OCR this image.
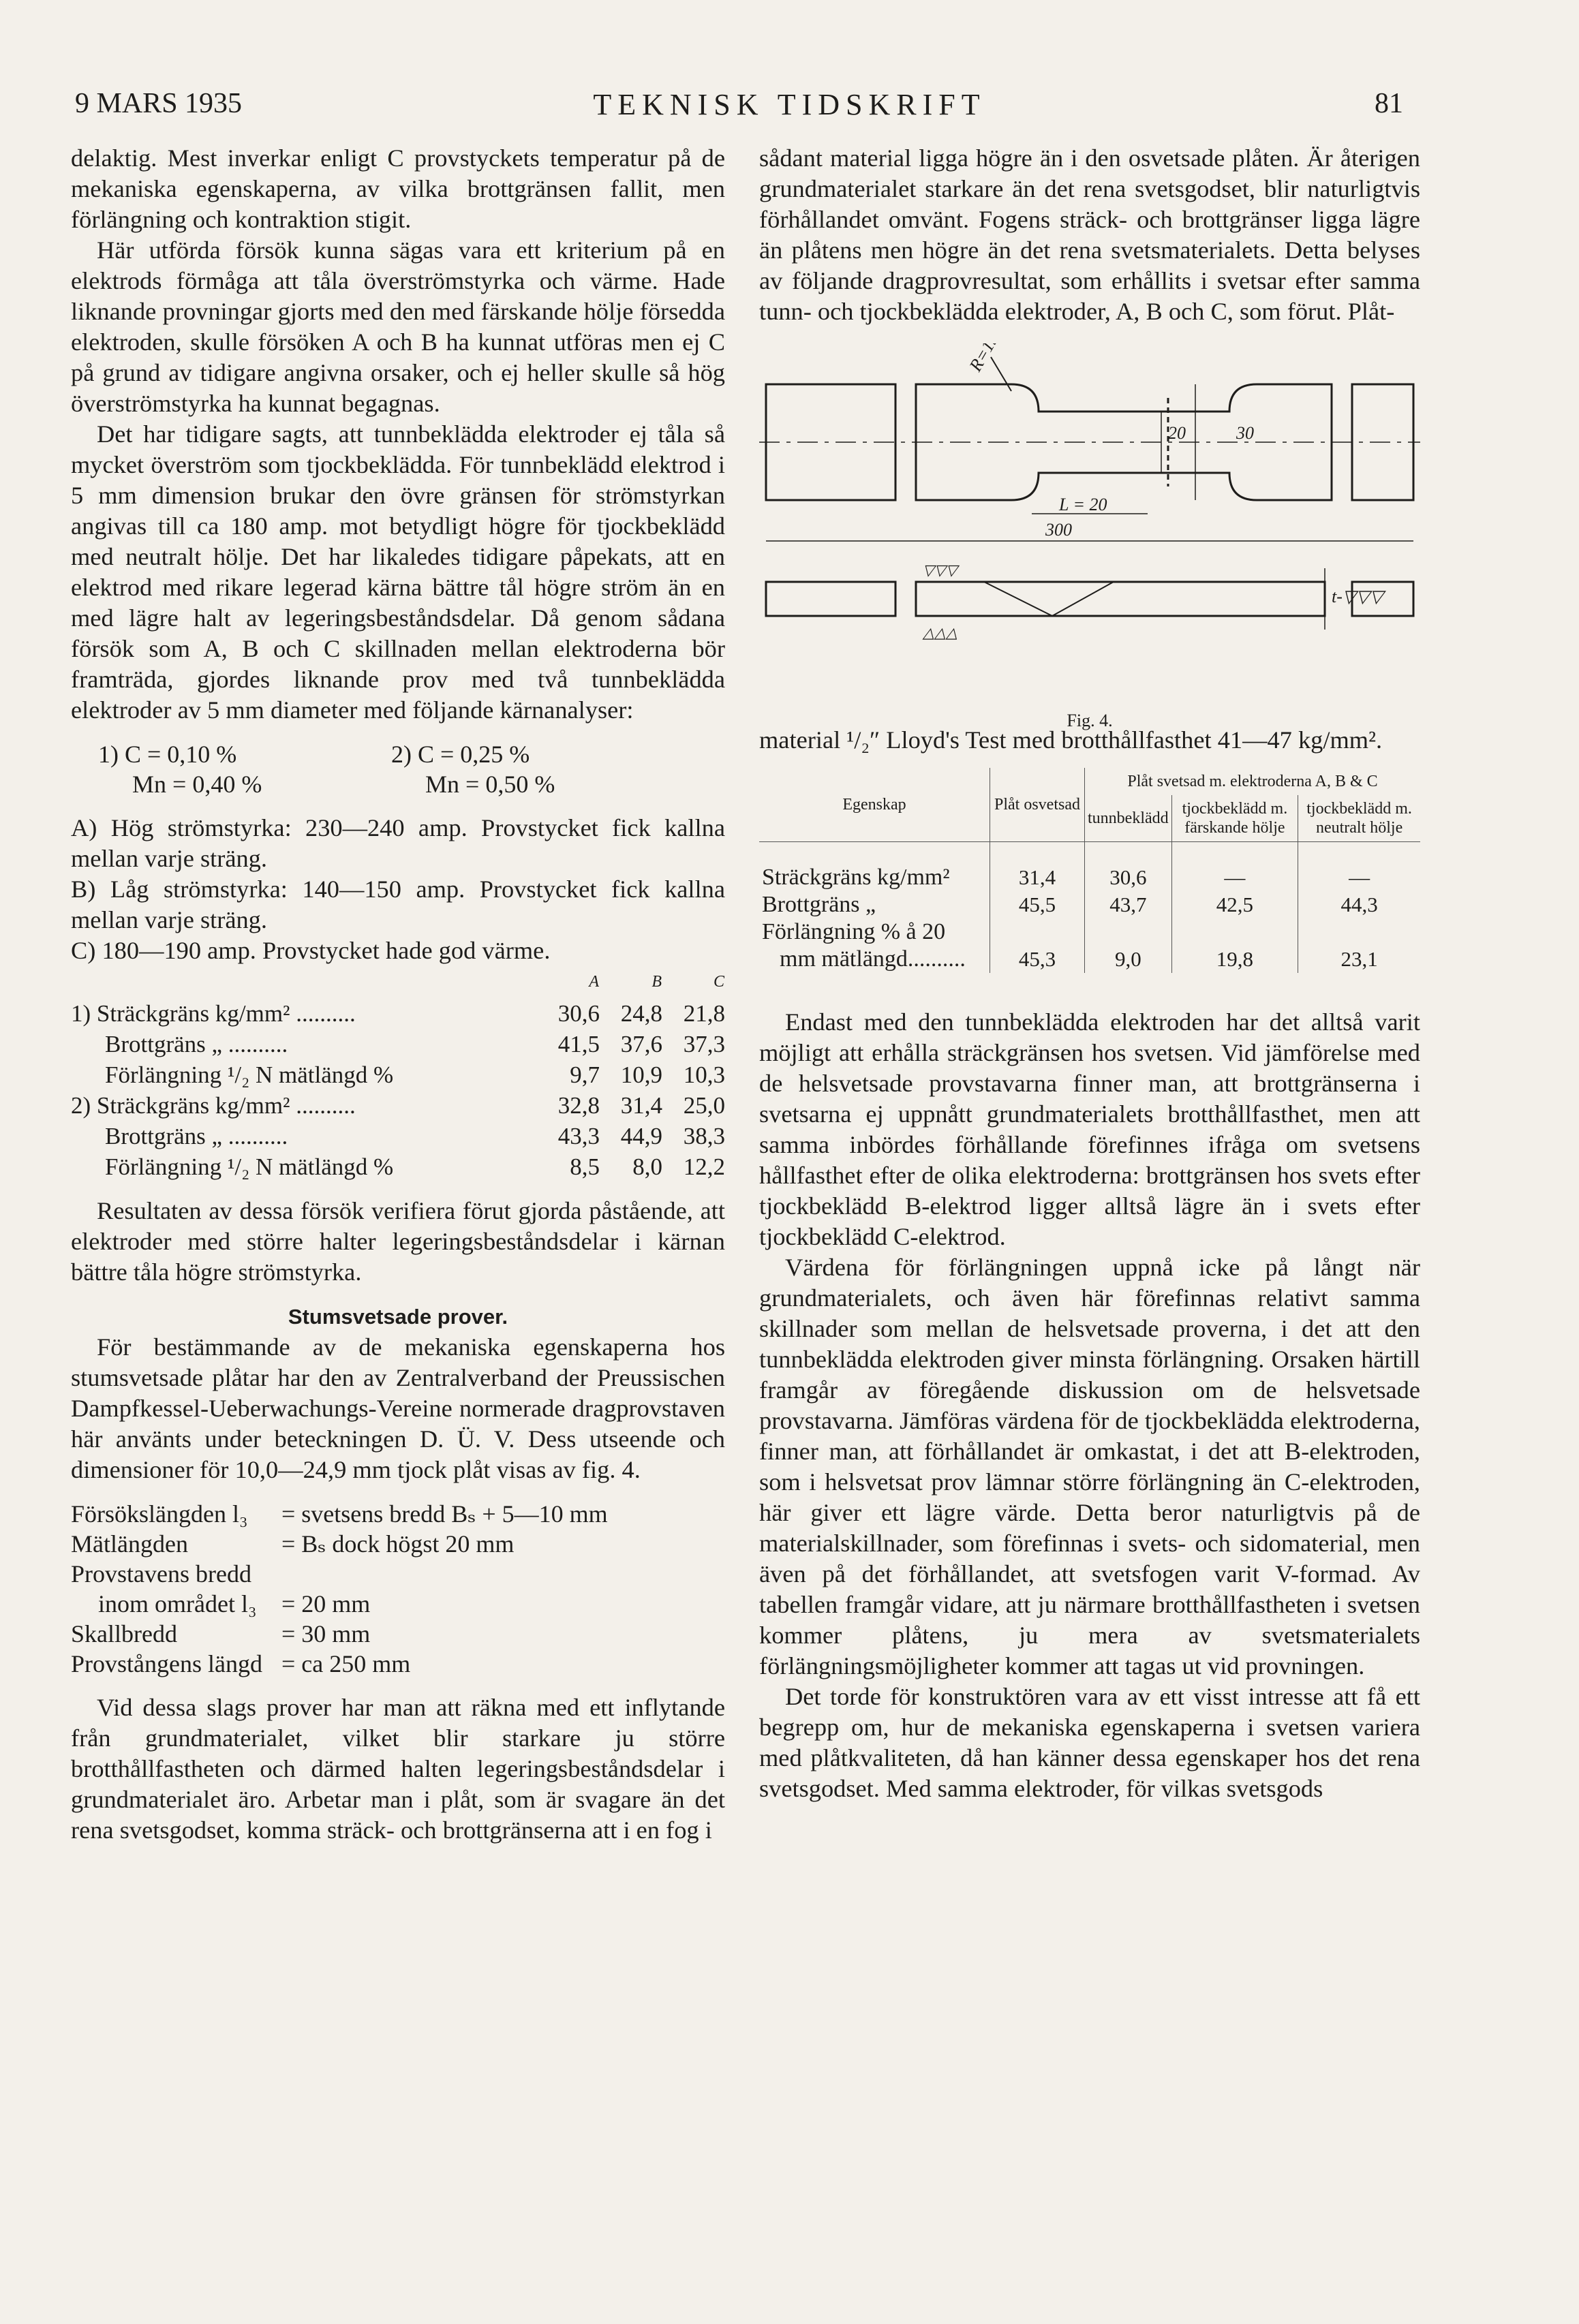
9 MARS 1935	TEKNISK TIDSKRIFT	81

delaktig. Mest inverkar enligt C provstyckets temperatur på de mekaniska egenskaperna, av vilka brottgränsen fallit, men förlängning och kontraktion stigit.

Här utförda försök kunna sägas vara ett kriterium på en elektrods förmåga att tåla överströmstyrka och värme. Hade liknande provningar gjorts med den med färskande hölje försedda elektroden, skulle försöken A och B ha kunnat utföras men ej C på grund av tidigare angivna orsaker, och ej heller skulle så hög överströmstyrka ha kunnat begagnas.

Det har tidigare sagts, att tunnbeklädda elektroder ej tåla så mycket överström som tjockbeklädda. För tunnbeklädd elektrod i 5 mm dimension brukar den övre gränsen för strömstyrkan angivas till ca 180 amp. mot betydligt högre för tjockbeklädd med neutralt hölje. Det har likaledes tidigare påpekats, att en elektrod med rikare legerad kärna bättre tål högre ström än en med lägre halt av legeringsbeståndsdelar. Då genom sådana försök som A, B och C skillnaden mellan elektroderna bör framträda, gjordes liknande prov med två tunnbeklädda elektroder av 5 mm diameter med följande kärnanalyser:

1) C = 0,10 %	2) C = 0,25 %
Mn = 0,40 %	Mn = 0,50 %

A) Hög strömstyrka: 230—240 amp. Provstycket fick kallna mellan varje sträng.

B) Låg strömstyrka: 140—150 amp. Provstycket fick kallna mellan varje sträng.

C) 180—190 amp. Provstycket hade god värme.

	A	B	C
1) Sträckgräns kg/mm² ..........	30,6	24,8	21,8
Brottgräns „ ..........	41,5	37,6	37,3
Förlängning ¹/₂ N mätlängd %	9,7	10,9	10,3
2) Sträckgräns kg/mm² ..........	32,8	31,4	25,0
Brottgräns „ ..........	43,3	44,9	38,3
Förlängning ¹/₂ N mätlängd %	8,5	8,0	12,2

Resultaten av dessa försök verifiera förut gjorda påstående, att elektroder med större halter legeringsbeståndsdelar i kärnan bättre tåla högre strömstyrka.

Stumsvetsade prover.

För bestämmande av de mekaniska egenskaperna hos stumsvetsade plåtar har den av Zentralverband der Preussischen Dampfkessel-Ueberwachungs-Vereine normerade dragprovstaven här använts under beteckningen D. Ü. V. Dess utseende och dimensioner för 10,0—24,9 mm tjock plåt visas av fig. 4.

Försökslängden l₃	= svetsens bredd Bₛ + 5—10 mm
Mätlängden	= Bₛ dock högst 20 mm
Provstavens bredd	
inom området l₃	= 20 mm
Skallbredd	= 30 mm
Provstångens längd	= ca 250 mm

Vid dessa slags prover har man att räkna med ett inflytande från grundmaterialet, vilket blir starkare ju större brotthållfastheten och därmed halten legeringsbeståndsdelar i grundmaterialet äro. Arbetar man i plåt, som är svagare än det rena svetsgodset, komma sträck- och brottgränserna att i en fog i

sådant material ligga högre än i den osvetsade plåten. Är återigen grundmaterialet starkare än det rena svetsgodset, blir naturligtvis förhållandet omvänt. Fogens sträck- och brottgränser ligga lägre än plåtens men högre än det rena svetsmaterialets. Detta belyses av följande dragprovresultat, som erhållits i svetsar efter samma tunn- och tjockbeklädda elektroder, A, B och C, som förut. Plåt-

R=15
20	30
L = 20
300
t-▽▽▽
▽▽▽
△△△
Fig. 4.

material ¹/₂″ Lloyd's Test med brotthållfasthet 41—47 kg/mm².

Egenskap	Plåt osvetsad	Plåt svetsad m. elektroderna A, B & C		
		tunnbeklädd	tjockbeklädd m. färskande hölje	tjockbeklädd m. neutralt hölje
Sträckgräns kg/mm²	31,4	30,6	—	—
Brottgräns „	45,5	43,7	42,5	44,3
Förlängning % å 20				
mm mätlängd..........	45,3	9,0	19,8	23,1

Endast med den tunnbeklädda elektroden har det alltså varit möjligt att erhålla sträckgränsen hos svetsen. Vid jämförelse med de helsvetsade provstavarna finner man, att brottgränserna i svetsarna ej uppnått grundmaterialets brotthållfasthet, men att samma inbördes förhållande förefinnes ifråga om svetsens hållfasthet efter de olika elektroderna: brottgränsen hos svets efter tjockbeklädd B-elektrod ligger alltså lägre än i svets efter tjockbeklädd C-elektrod.

Värdena för förlängningen uppnå icke på långt när grundmaterialets, och även här förefinnas relativt samma skillnader som mellan de helsvetsade proverna, i det att den tunnbeklädda elektroden giver minsta förlängning. Orsaken härtill framgår av föregående diskussion om de helsvetsade provstavarna. Jämföras värdena för de tjockbeklädda elektroderna, finner man, att förhållandet är omkastat, i det att B-elektroden, som i helsvetsat prov lämnar större förlängning än C-elektroden, här giver ett lägre värde. Detta beror naturligtvis på de materialskillnader, som förefinnas i svets- och sidomaterial, men även på det förhållandet, att svetsfogen varit V-formad. Av tabellen framgår vidare, att ju närmare brotthållfastheten i svetsen kommer plåtens, ju mera av svetsmaterialets förlängningsmöjligheter kommer att tagas ut vid provningen.

Det torde för konstruktören vara av ett visst intresse att få ett begrepp om, hur de mekaniska egenskaperna i svetsen variera med plåtkvaliteten, då han känner dessa egenskaper hos det rena svetsgodset. Med samma elektroder, för vilkas svetsgods
